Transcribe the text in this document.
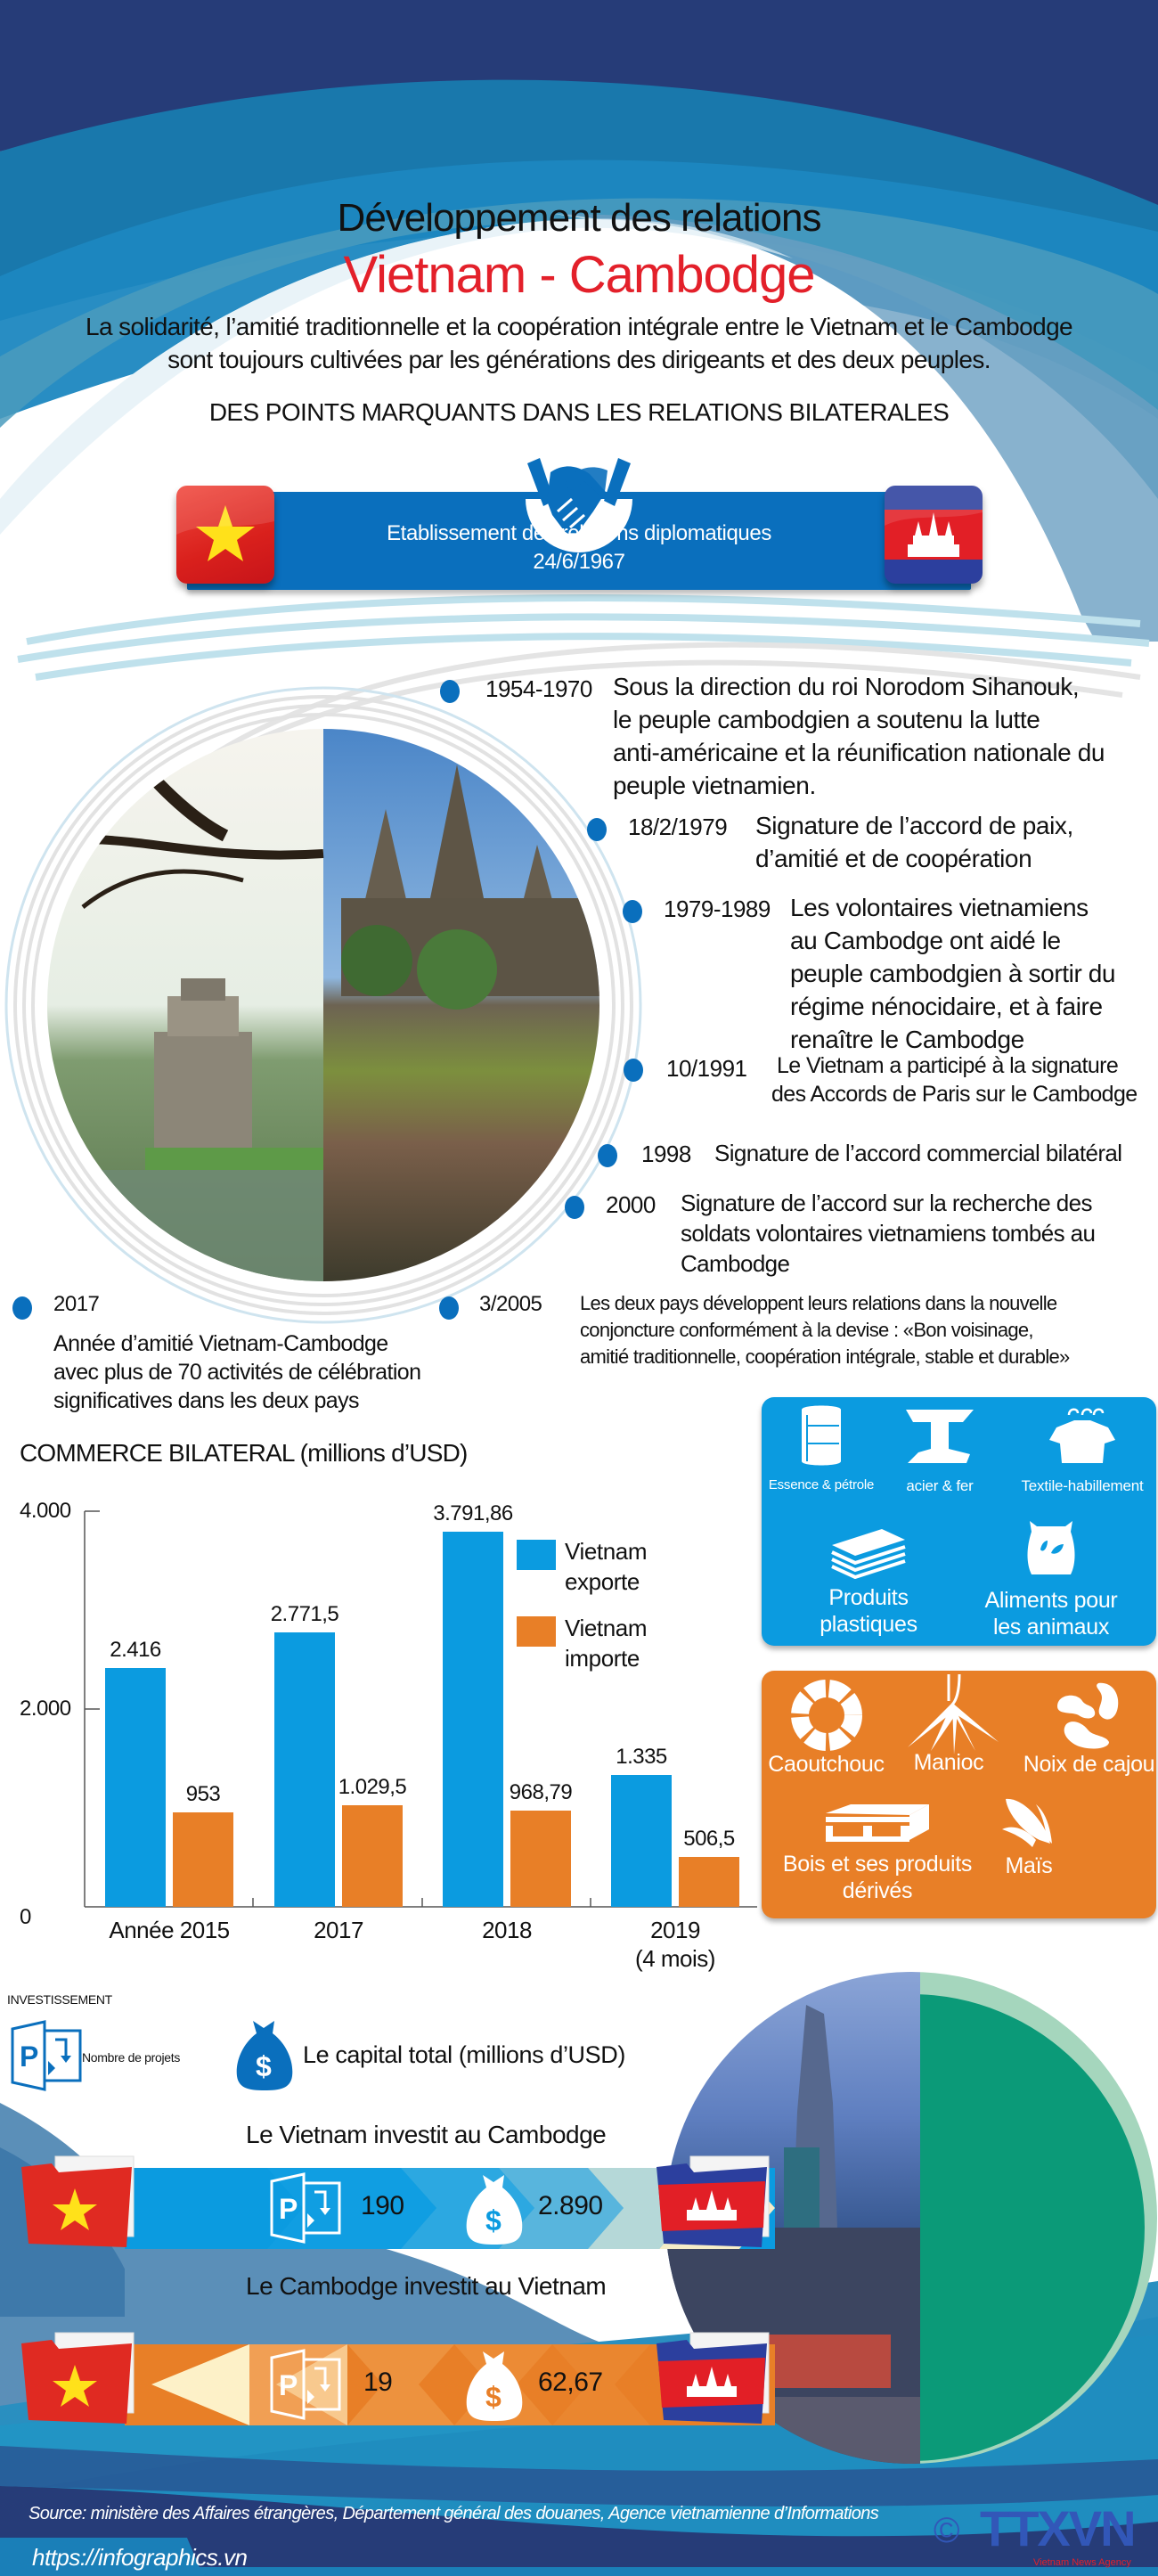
Développement des relations
Vietnam - Cambodge
La solidarité, l’amitié traditionnelle et la coopération intégrale entre le Vietnam et le Cambodge
sont toujours cultivées par les générations des dirigeants et des deux peuples.
DES POINTS MARQUANTS DANS LES RELATIONS BILATERALES
Etablissement des relations diplomatiques
24/6/1967
1954-1970 Sous la direction du roi Norodom Sihanouk,
le peuple cambodgien a soutenu la lutte
anti-américaine et la réunification nationale du
peuple vietnamien.
18/2/1979 Signature de l’accord de paix,
d’amitié et de coopération
1979-1989 Les volontaires vietnamiens
au Cambodge ont aidé le
peuple cambodgien à sortir du
régime nénocidaire, et à faire
renaître le Cambodge
10/1991 Le Vietnam a participé à la signature
des Accords de Paris sur le Cambodge
1998 Signature de l’accord commercial bilatéral
2000 Signature de l’accord sur la recherche des
soldats volontaires vietnamiens tombés au
Cambodge
3/2005 Les deux pays développent leurs relations dans la nouvelle
conjoncture conformément à la devise : «Bon voisinage,
amitié traditionnelle, coopération intégrale, stable et durable»
2017
Année d’amitié Vietnam-Cambodge
avec plus de 70 activités de célébration
significatives dans les deux pays
COMMERCE BILATERAL (millions d’USD)
4.000
2.000
0
2.416
953
Année 2015
2.771,5
1.029,5
2017
3.791,86
968,79
2018
1.335
506,5
2019
(4 mois)
Vietnam
exporte
Vietnam
importe
Essence & pétrole	acier & fer	Textile-habillement
Produits
plastiques
Aliments pour
les animaux
Caoutchouc	Manioc	Noix de cajou
Bois et ses produits
dérivés
Maïs
INVESTISSEMENT
P	Nombre de projets	$ Le capital total (millions d’USD)
Le Vietnam investit au Cambodge
P 190	$ 2.890
Le Cambodge investit au Vietnam
P 19	$ 62,67
Source: ministère des Affaires étrangères, Département général des douanes, Agence vietnamienne d’Informations
https://infographics.vn
© TTXVN
Vietnam News Agency
